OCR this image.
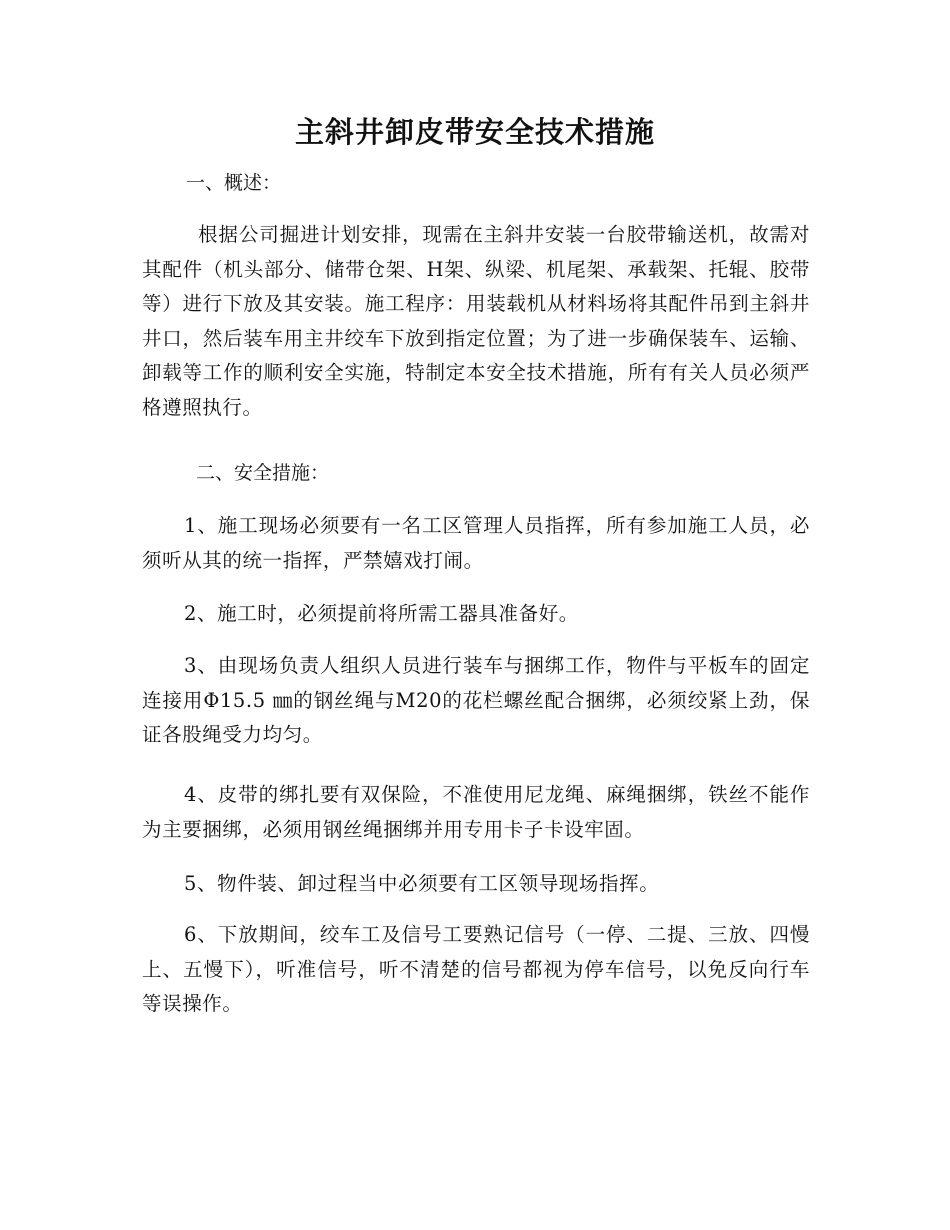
主斜井卸皮带安全技术措施
一、概述：

根据公司掘进计划安排，现需在主斜井安装一台胶带输送机，故需对其配件（机头部分、储带仓架、H架、纵梁、机尾架、承载架、托辊、胶带等）进行下放及其安装。施工程序：用装载机从材料场将其配件吊到主斜井井口，然后装车用主井绞车下放到指定位置；为了进一步确保装车、运输、卸载等工作的顺利安全实施，特制定本安全技术措施，所有有关人员必须严格遵照执行。

二、安全措施：

1、施工现场必须要有一名工区管理人员指挥，所有参加施工人员，必须听从其的统一指挥，严禁嬉戏打闹。

2、施工时，必须提前将所需工器具准备好。

3、由现场负责人组织人员进行装车与捆绑工作，物件与平板车的固定连接用Φ15.5 ㎜的钢丝绳与M20的花栏螺丝配合捆绑，必须绞紧上劲，保证各股绳受力均匀。

4、皮带的绑扎要有双保险，不准使用尼龙绳、麻绳捆绑，铁丝不能作为主要捆绑，必须用钢丝绳捆绑并用专用卡子卡设牢固。

5、物件装、卸过程当中必须要有工区领导现场指挥。

6、下放期间，绞车工及信号工要熟记信号（一停、二提、三放、四慢上、五慢下），听准信号，听不清楚的信号都视为停车信号，以免反向行车等误操作。
